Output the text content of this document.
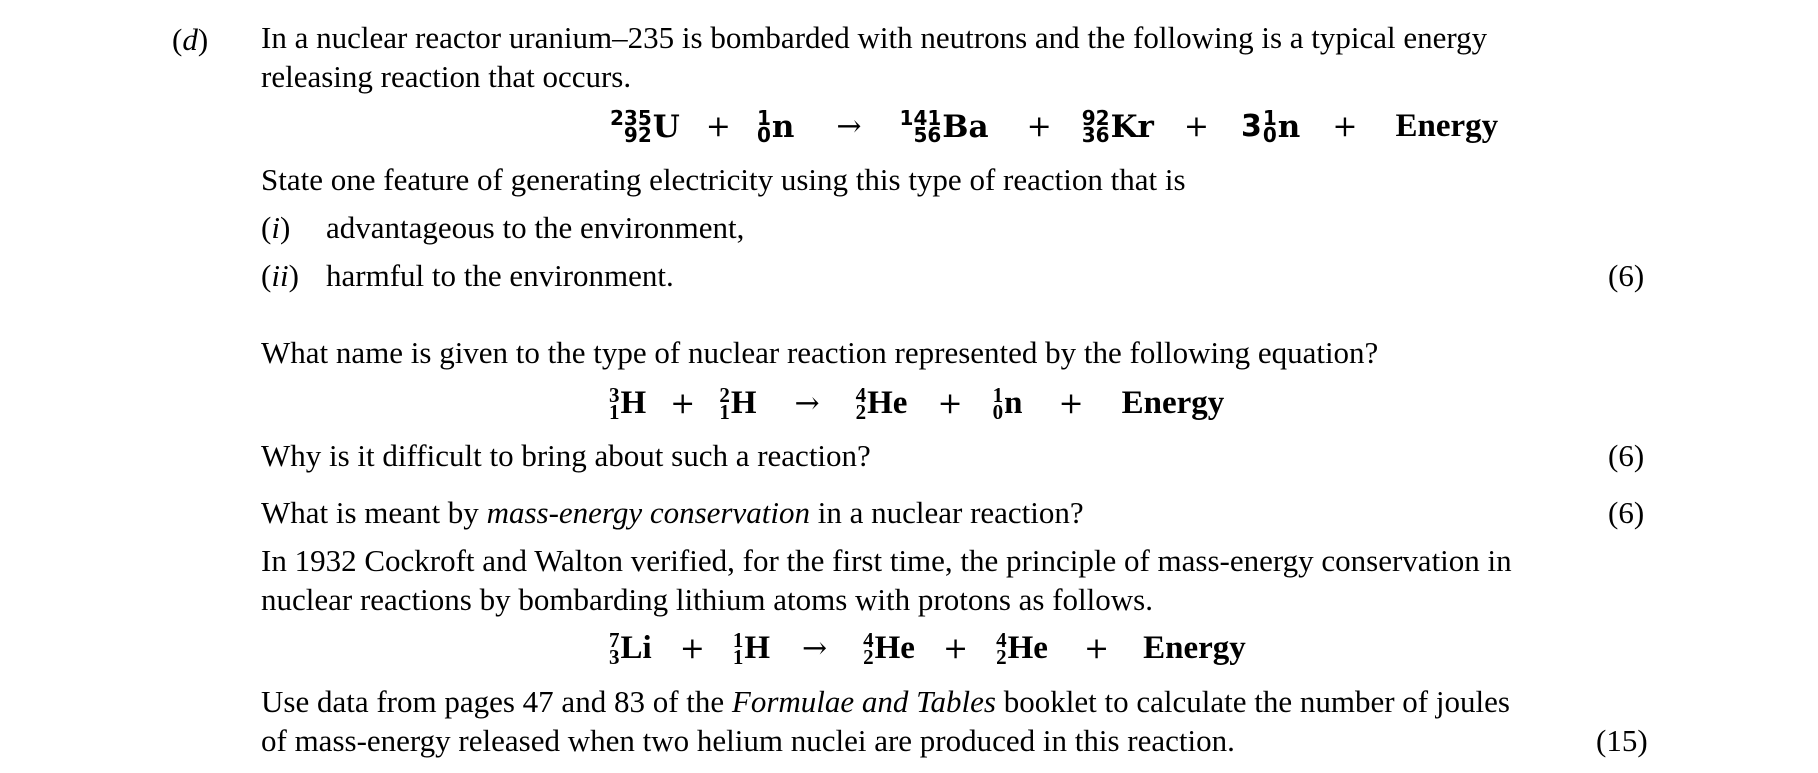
(d) In a nuclear reactor uranium–235 is bombarded with neutrons and the following is a typical energy
releasing reaction that occurs.
235
92 U + 1
0 n → 141
56 Ba + 92
36 Kr + 3 1
0 n + Energy
State one feature of generating electricity using this type of reaction that is
(i) advantageous to the environment,
(ii) harmful to the environment.	(6)
What name is given to the type of nuclear reaction represented by the following equation?
3
1 H + 2
1 H → 4
2 He + 1
0 n + Energy
Why is it difficult to bring about such a reaction?	(6)
What is meant by mass-energy conservation in a nuclear reaction?	(6)
In 1932 Cockroft and Walton verified, for the first time, the principle of mass-energy conservation in
nuclear reactions by bombarding lithium atoms with protons as follows.
7
3 Li + 1
1 H → 4
2 He + 4
2 He + Energy
Use data from pages 47 and 83 of the Formulae and Tables booklet to calculate the number of joules
of mass-energy released when two helium nuclei are produced in this reaction.	(15)
